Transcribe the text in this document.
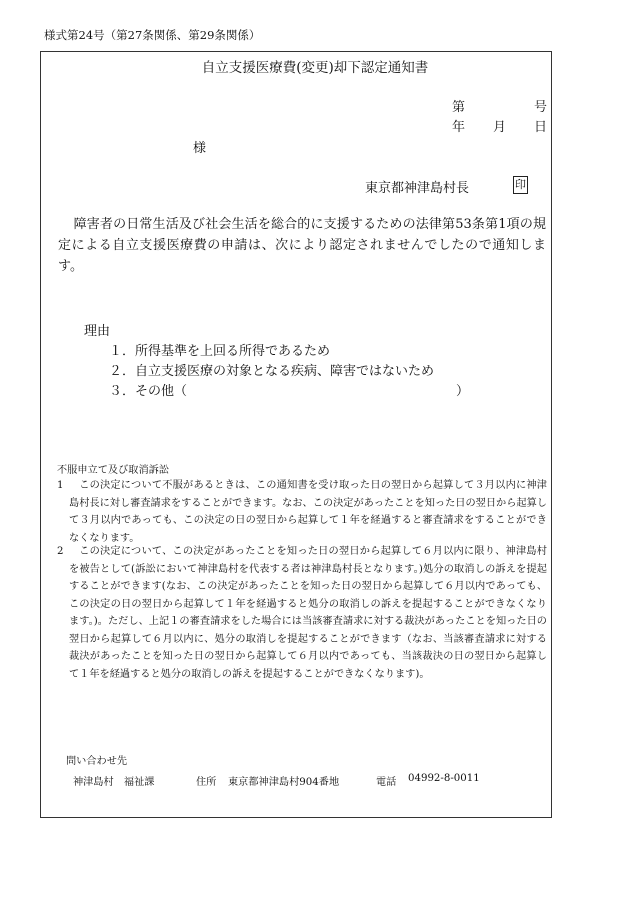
様式第24号（第27条関係、第29条関係）
自立支援医療費(変更)却下認定通知書
第	号
年 月 日
様
東京都神津島村長	印

障害者の日常生活及び社会生活を総合的に支援するための法律第53条第1項の規定による自立支援医療費の申請は、次により認定されませんでしたので通知します。

理由
１．所得基準を上回る所得であるため
２．自立支援医療の対象となる疾病、障害ではないため
３．その他（	）
不服申立て及び取消訴訟
1	この決定について不服があるときは、この通知書を受け取った日の翌日から起算して３月以内に神津島村長に対し審査請求をすることができます。なお、この決定があったことを知った日の翌日から起算して３月以内であっても、この決定の日の翌日から起算して１年を経過すると審査請求をすることができなくなります。
2	この決定について、この決定があったことを知った日の翌日から起算して６月以内に限り、神津島村を被告として(訴訟において神津島村を代表する者は神津島村長となります。)処分の取消しの訴えを提起することができます(なお、この決定があったことを知った日の翌日から起算して６月以内であっても、この決定の日の翌日から起算して１年を経過すると処分の取消しの訴えを提起することができなくなります。)。ただし、上記１の審査請求をした場合には当該審査請求に対する裁決があったことを知った日の翌日から起算して６月以内に、処分の取消しを提起することができます（なお、当該審査請求に対する裁決があったことを知った日の翌日から起算して６月以内であっても、当該裁決の日の翌日から起算して１年を経過すると処分の取消しの訴えを提起することができなくなります)。
問い合わせ先
神津島村　福祉課	住所 東京都神津島村904番地	電話 04992-8-0011
